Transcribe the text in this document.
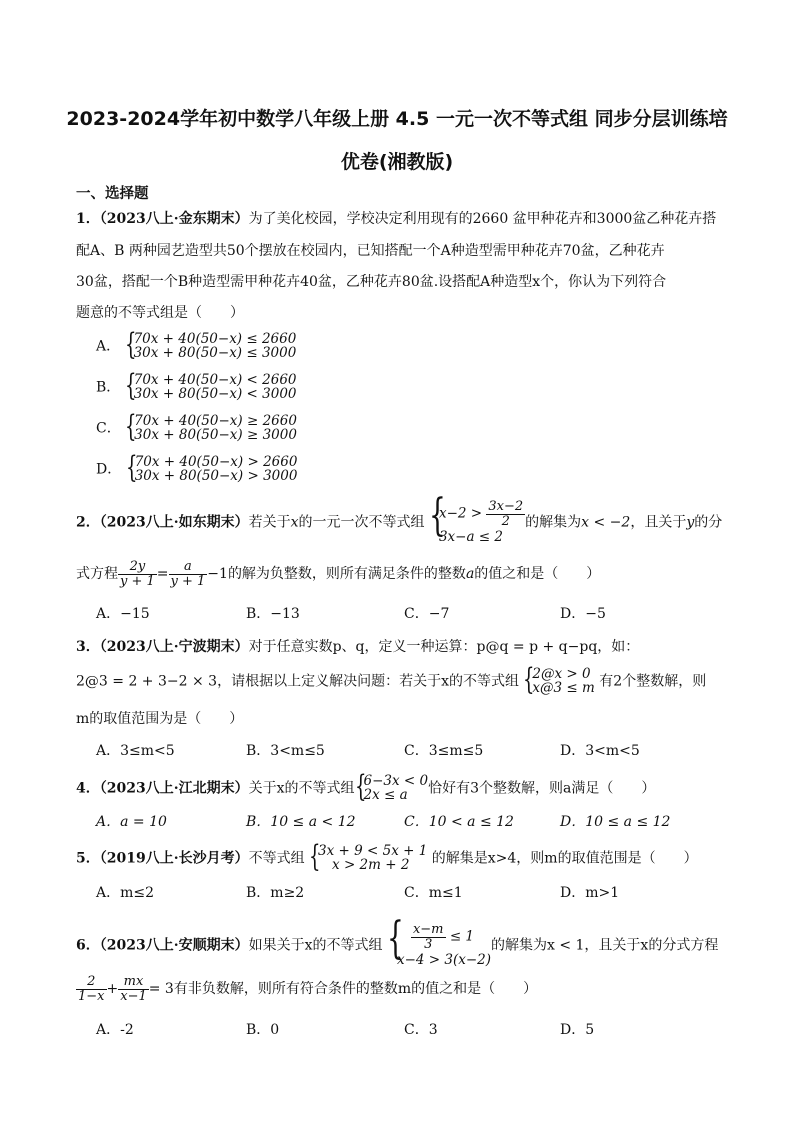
2023-2024学年初中数学八年级上册 4.5 一元一次不等式组 同步分层训练培
优卷(湘教版)
一、选择题
1．（2023八上·金东期末）为了美化校园，学校决定利用现有的2660 盆甲种花卉和3000盆乙种花卉搭
配A、B 两种园艺造型共50个摆放在校园内，已知搭配一个A种造型需甲种花卉70盆，乙种花卉
30盆，搭配一个B种造型需甲种花卉40盆，乙种花卉80盆.设搭配A种造型x个，你认为下列符合
题意的不等式组是（　　）
A． {
70x + 40(50−x) ≤ 2660
30x + 80(50−x) ≤ 3000
B． {
70x + 40(50−x) < 2660
30x + 80(50−x) < 3000
C． {
70x + 40(50−x) ≥ 2660
30x + 80(50−x) ≥ 3000
D． {
70x + 40(50−x) > 2660
30x + 80(50−x) > 3000
2．（2023八上·如东期末）若关于x的一元一次不等式组 {
$x-2 > \frac{3x-2}{2}$
3x−a ≤ 2
的解集为x < −2，且关于y的分
式方程 $\frac{2y}{y + 1} = \frac{a}{y + 1} -1$的解为负整数，则所有满足条件的整数a的值之和是（　　）
A．−15	B．−13	C．−7	D．−5
3．（2023八上·宁波期末）对于任意实数p、q，定义一种运算：p@q = p + q−pq，如：
2@3 = 2 + 3−2 × 3，请根据以上定义解决问题：若关于x的不等式组 {
2@x > 0
x@3 ≤ m 有2个整数解，则
m的取值范围为是（　　）
A．3≤m<5	B．3<m≤5	C．3≤m≤5	D．3<m<5
4．（2023八上·江北期末）关于x的不等式组 {
6−3x < 0
2x ≤ a	恰好有3个整数解，则a满足（　　）
A．a = 10	B．10 ≤ a < 12	C．10 < a ≤ 12	D．10 ≤ a ≤ 12
5．（2019八上·长沙月考）不等式组 {
3x + 9 < 5x + 1
x > 2m + 2	的解集是x>4，则m的取值范围是（　　）
A．m≤2	B．m≥2	C．m≤1	D．m>1
6．（2023八上·安顺期末）如果关于x的不等式组 { $\frac{x-m}{3} \le 1$
x−4 > 3(x−2)
的解集为x < 1，且关于x的分式方程
$\frac{2}{1-x} + \frac{mx}{x-1} = 3$有非负数解，则所有符合条件的整数m的值之和是（　　）
A．-2	B．0	C．3	D．5
